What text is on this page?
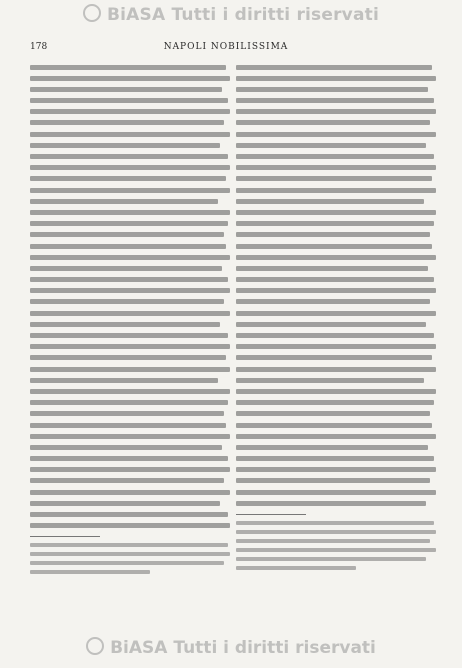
BiASA Tutti i diritti riservati
178	NAPOLI NOBILISSIMA
BiASA Tutti i diritti riservati
